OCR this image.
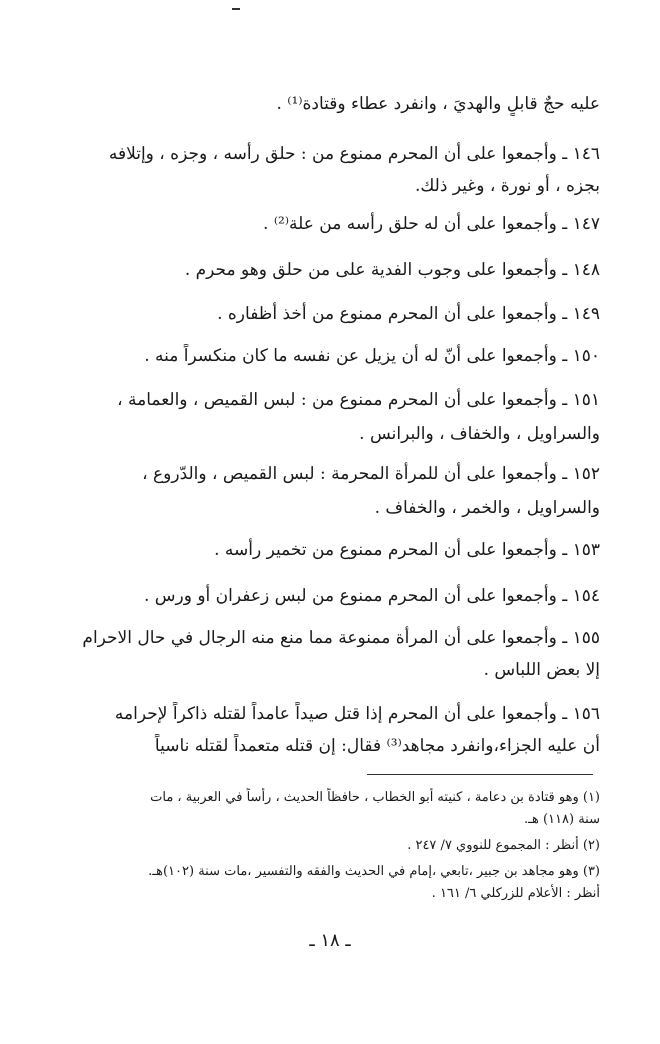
عليه حجٌ قابلٍ والهديَ ، وانفرد عطاء وقتادة⁽¹⁾ .
١٤٦ ـ وأجمعوا على أن المحرم ممنوع من : حلق رأسه ، وجزه ، وإتلافه
بجزه ، أو نورة ، وغير ذلك.
١٤٧ ـ وأجمعوا على أن له حلق رأسه من علة⁽²⁾ .
١٤٨ ـ وأجمعوا على وجوب الفدية على من حلق وهو محرم .
١٤٩ ـ وأجمعوا على أن المحرم ممنوع من أخذ أظفاره .
١٥٠ ـ وأجمعوا على أنّ له أن يزيل عن نفسه ما كان منكسراً منه .
١٥١ ـ وأجمعوا على أن المحرم ممنوع من : لبس القميص ، والعمامة ،
والسراويل ، والخفاف ، والبرانس .
١٥٢ ـ وأجمعوا على أن للمرأة المحرمة : لبس القميص ، والدّروع ،
والسراويل ، والخمر ، والخفاف .
١٥٣ ـ وأجمعوا على أن المحرم ممنوع من تخمير رأسه .
١٥٤ ـ وأجمعوا على أن المحرم ممنوع من لبس زعفران أو ورس .
١٥٥ ـ وأجمعوا على أن المرأة ممنوعة مما منع منه الرجال في حال الاحرام
إلا بعض اللباس .
١٥٦ ـ وأجمعوا على أن المحرم إذا قتل صيداً عامداً لقتله ذاكراً لإحرامه
أن عليه الجزاء،وانفرد مجاهد⁽³⁾ فقال: إن قتله متعمداً لقتله ناسياً
(١) وهو قتادة بن دعامة ، كنيته أبو الخطاب ، حافظاً الحديث ، رأساً في العربية ، مات
سنة (١١٨) هـ.
(٢) أنظر : المجموع للنووي ٧/ ٢٤٧ .
(٣) وهو مجاهد بن جبير ،تابعي ،إمام في الحديث والفقه والتفسير ،مات سنة (١٠٢)هـ.
أنظر : الأعلام للزركلي ٦/ ١٦١ .
ـ ١٨ ـ
